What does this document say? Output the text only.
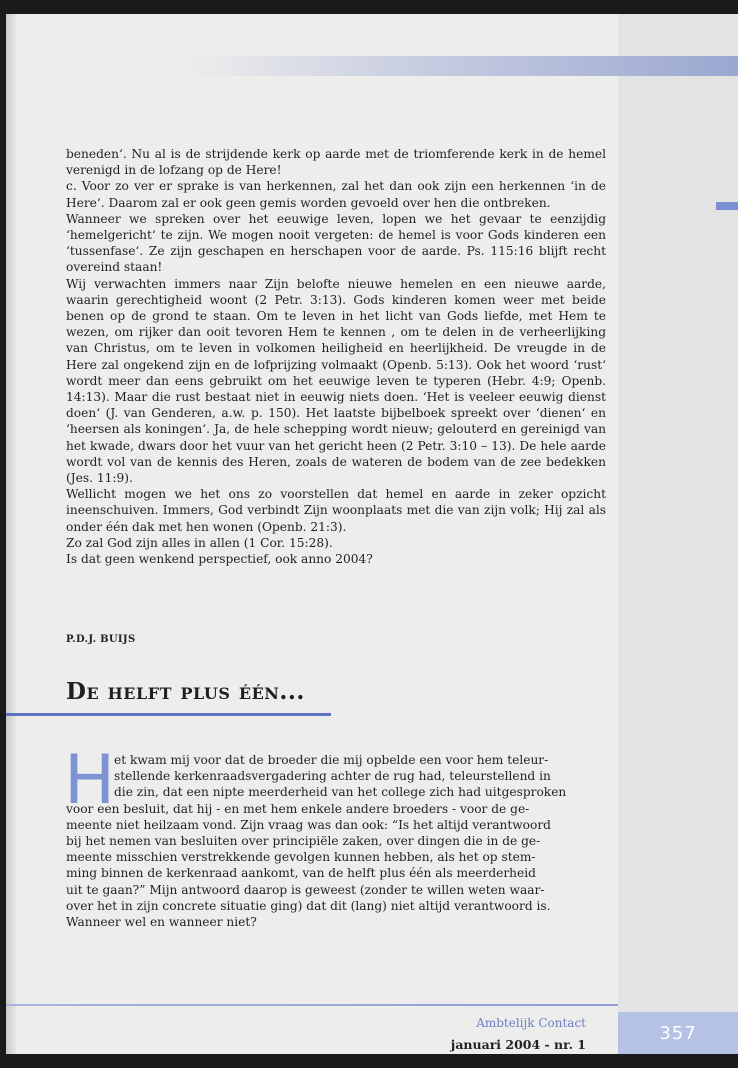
beneden‘. Nu al is de strijdende kerk op aarde met de triomferende kerk in de hemel verenigd in de lofzang op de Here!

c. Voor zo ver er sprake is van herkennen, zal het dan ook zijn een herkennen ‘in de Here‘. Daarom zal er ook geen gemis worden gevoeld over hen die ontbreken.

Wanneer we spreken over het eeuwige leven, lopen we het gevaar te eenzijdig ‘hemelgericht‘ te zijn. We mogen nooit vergeten: de hemel is voor Gods kinderen een ‘tussenfase‘. Ze zijn geschapen en herschapen voor de aarde. Ps. 115:16 blijft recht overeind staan!

Wij verwachten immers naar Zijn belofte nieuwe hemelen en een nieuwe aarde, waarin gerechtigheid woont (2 Petr. 3:13). Gods kinderen komen weer met beide benen op de grond te staan. Om te leven in het licht van Gods liefde, met Hem te wezen, om rijker dan ooit tevoren Hem te kennen , om te delen in de verheerlijking van Christus, om te leven in volkomen heiligheid en heerlijkheid. De vreugde in de Here zal ongekend zijn en de lofprijzing volmaakt (Openb. 5:13). Ook het woord ‘rust‘ wordt meer dan eens gebruikt om het eeuwige leven te typeren (Hebr. 4:9; Openb. 14:13). Maar die rust bestaat niet in eeuwig niets doen. ‘Het is veeleer eeuwig dienst doen‘ (J. van Genderen, a.w. p. 150). Het laatste bijbelboek spreekt over ‘dienen‘ en ‘heersen als koningen‘. Ja, de hele schepping wordt nieuw; gelouterd en gereinigd van het kwade, dwars door het vuur van het gericht heen (2 Petr. 3:10 – 13). De hele aarde wordt vol van de kennis des Heren, zoals de wateren de bodem van de zee bedekken (Jes. 11:9).

Wellicht mogen we het ons zo voorstellen dat hemel en aarde in zeker opzicht ineenschuiven. Immers, God verbindt Zijn woonplaats met die van zijn volk; Hij zal als onder één dak met hen wonen (Openb. 21:3).

Zo zal God zijn alles in allen (1 Cor. 15:28).

Is dat geen wenkend perspectief, ook anno 2004?

P.D.J. BUIJS
De helft plus één...
H
et kwam mij voor dat de broeder die mij opbelde een voor hem teleur-
stellende kerkenraadsvergadering achter de rug had, teleurstellend in
die zin, dat een nipte meerderheid van het college zich had uitgesproken
voor een besluit, dat hij - en met hem enkele andere broeders - voor de ge-
meente niet heilzaam vond. Zijn vraag was dan ook: “Is het altijd verantwoord
bij het nemen van besluiten over principiële zaken, over dingen die in de ge-
meente misschien verstrekkende gevolgen kunnen hebben, als het op stem-
ming binnen de kerkenraad aankomt, van de helft plus één als meerderheid
uit te gaan?” Mijn antwoord daarop is geweest (zonder te willen weten waar-
over het in zijn concrete situatie ging) dat dit (lang) niet altijd verantwoord is.
Wanneer wel en wanneer niet?
Ambtelijk Contact
januari 2004 - nr. 1
357
